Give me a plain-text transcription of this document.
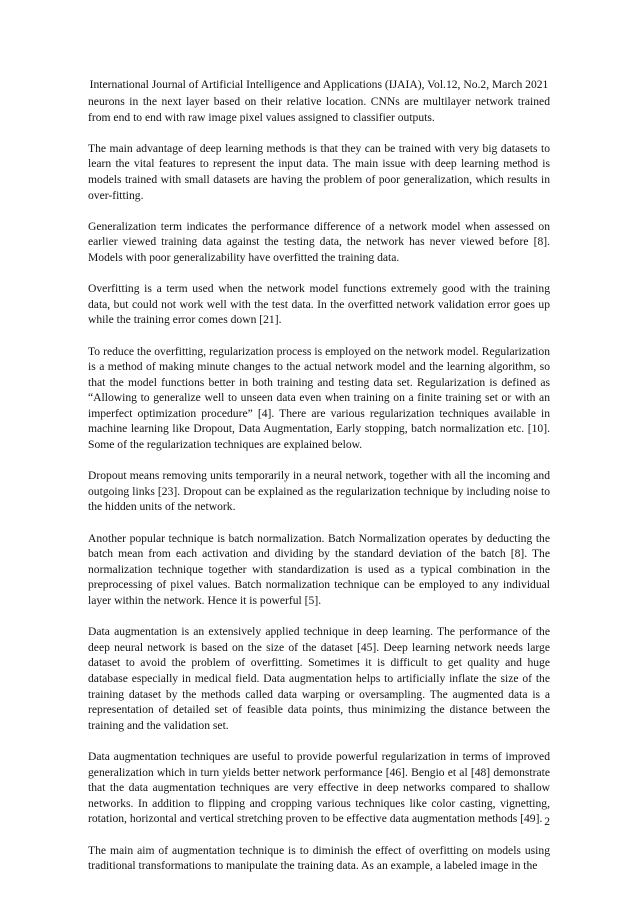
International Journal of Artificial Intelligence and Applications (IJAIA), Vol.12, No.2, March 2021

neurons in the next layer based on their relative location. CNNs are multilayer network trained from end to end with raw image pixel values assigned to classifier outputs.

The main advantage of deep learning methods is that they can be trained with very big datasets to learn the vital features to represent the input data. The main issue with deep learning method is models trained with small datasets are having the problem of poor generalization, which results in over-fitting.

Generalization term indicates the performance difference of a network model when assessed on earlier viewed training data against the testing data, the network has never viewed before [8]. Models with poor generalizability have overfitted the training data.

Overfitting is a term used when the network model functions extremely good with the training data, but could not work well with the test data. In the overfitted network validation error goes up while the training error comes down [21].

To reduce the overfitting, regularization process is employed on the network model. Regularization is a method of making minute changes to the actual network model and the learning algorithm, so that the model functions better in both training and testing data set. Regularization is defined as “Allowing to generalize well to unseen data even when training on a finite training set or with an imperfect optimization procedure” [4]. There are various regularization techniques available in machine learning like Dropout, Data Augmentation, Early stopping, batch normalization etc. [10]. Some of the regularization techniques are explained below.

Dropout means removing units temporarily in a neural network, together with all the incoming and outgoing links [23]. Dropout can be explained as the regularization technique by including noise to the hidden units of the network.

Another popular technique is batch normalization. Batch Normalization operates by deducting the batch mean from each activation and dividing by the standard deviation of the batch [8]. The normalization technique together with standardization is used as a typical combination in the preprocessing of pixel values. Batch normalization technique can be employed to any individual layer within the network. Hence it is powerful [5].

Data augmentation is an extensively applied technique in deep learning. The performance of the deep neural network is based on the size of the dataset [45]. Deep learning network needs large dataset to avoid the problem of overfitting. Sometimes it is difficult to get quality and huge database especially in medical field. Data augmentation helps to artificially inflate the size of the training dataset by the methods called data warping or oversampling. The augmented data is a representation of detailed set of feasible data points, thus minimizing the distance between the training and the validation set.

Data augmentation techniques are useful to provide powerful regularization in terms of improved generalization which in turn yields better network performance [46]. Bengio et al [48] demonstrate that the data augmentation techniques are very effective in deep networks compared to shallow networks. In addition to flipping and cropping various techniques like color casting, vignetting, rotation, horizontal and vertical stretching proven to be effective data augmentation methods [49].

The main aim of augmentation technique is to diminish the effect of overfitting on models using traditional transformations to manipulate the training data. As an example, a labeled image in the

2
